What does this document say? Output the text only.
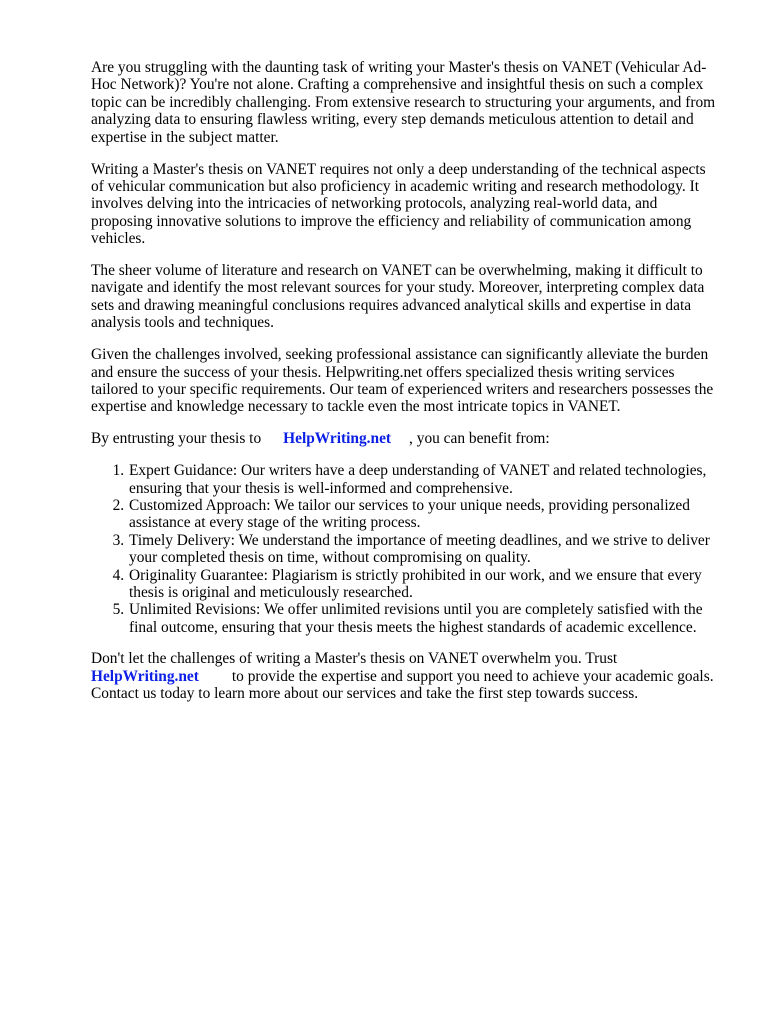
Are you struggling with the daunting task of writing your Master's thesis on VANET (Vehicular Ad-Hoc Network)? You're not alone. Crafting a comprehensive and insightful thesis on such a complex topic can be incredibly challenging. From extensive research to structuring your arguments, and from analyzing data to ensuring flawless writing, every step demands meticulous attention to detail and expertise in the subject matter.

Writing a Master's thesis on VANET requires not only a deep understanding of the technical aspects of vehicular communication but also proficiency in academic writing and research methodology. It involves delving into the intricacies of networking protocols, analyzing real-world data, and proposing innovative solutions to improve the efficiency and reliability of communication among vehicles.

The sheer volume of literature and research on VANET can be overwhelming, making it difficult to navigate and identify the most relevant sources for your study. Moreover, interpreting complex data sets and drawing meaningful conclusions requires advanced analytical skills and expertise in data analysis tools and techniques.

Given the challenges involved, seeking professional assistance can significantly alleviate the burden and ensure the success of your thesis. Helpwriting.net offers specialized thesis writing services tailored to your specific requirements. Our team of experienced writers and researchers possesses the expertise and knowledge necessary to tackle even the most intricate topics in VANET.

By entrusting your thesis to HelpWriting.net , you can benefit from:

1. Expert Guidance: Our writers have a deep understanding of VANET and related technologies, ensuring that your thesis is well-informed and comprehensive.
2. Customized Approach: We tailor our services to your unique needs, providing personalized assistance at every stage of the writing process.
3. Timely Delivery: We understand the importance of meeting deadlines, and we strive to deliver your completed thesis on time, without compromising on quality.
4. Originality Guarantee: Plagiarism is strictly prohibited in our work, and we ensure that every thesis is original and meticulously researched.
5. Unlimited Revisions: We offer unlimited revisions until you are completely satisfied with the final outcome, ensuring that your thesis meets the highest standards of academic excellence.

Don't let the challenges of writing a Master's thesis on VANET overwhelm you. Trust HelpWriting.net to provide the expertise and support you need to achieve your academic goals. Contact us today to learn more about our services and take the first step towards success.
